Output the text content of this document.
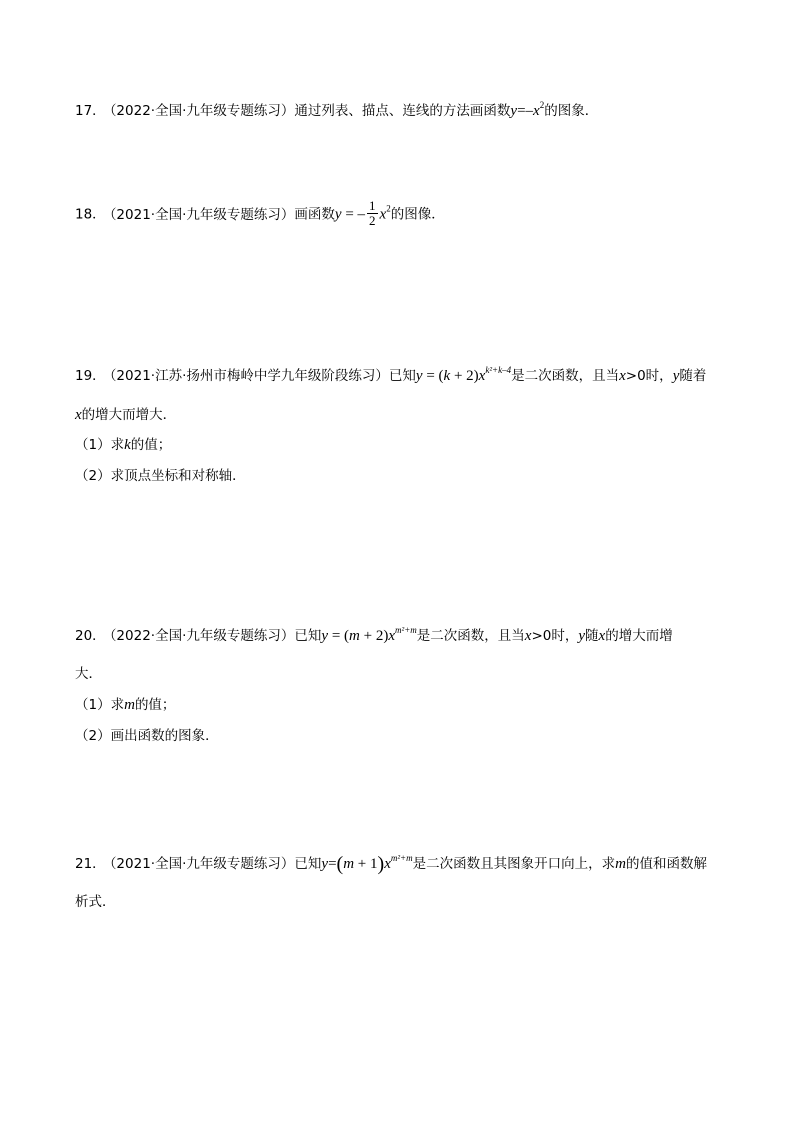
17． （2022·全国·九年级专题练习）通过列表、描点、连线的方法画函数$y=-x^2$的图象．
18． （2021·全国·九年级专题练习）画函数y = – $\frac{1}{2} x^2$的图像．
19． （2021·江苏·扬州市梅岭中学九年级阶段练习）已知$y = (k + 2)x^{k^2+k-4}$是二次函数，且当x>0时，y随着
x的增大而增大．
（1）求k的值；
（2）求顶点坐标和对称轴．
20． （2022·全国·九年级专题练习）已知$y = (m + 2)x^{m^2+m}$是二次函数，且当x>0时，y随x的增大而增
大．
（1）求m的值；
（2）画出函数的图象．
21． （2021·全国·九年级专题练习）已知$y=(m + 1)x^{m^2+m}$是二次函数且其图象开口向上，求m的值和函数解
析式．
